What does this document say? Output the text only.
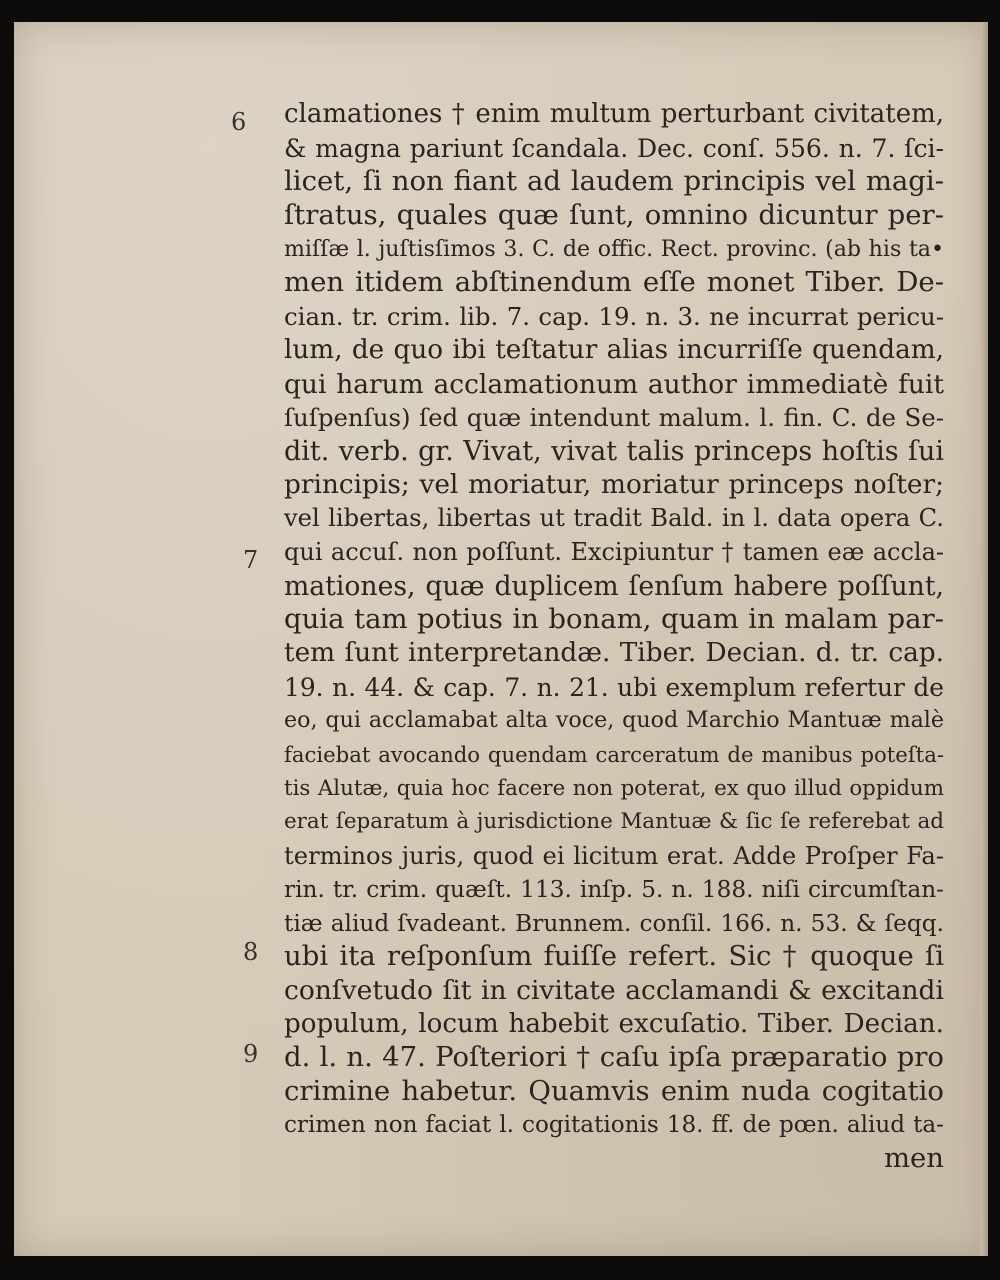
6
7
8
9
clamationes † enim multum perturbant civitatem,
& magna pariunt ſcandala. Dec. conſ. 556. n. 7. ſci-
licet, ſi non fiant ad laudem principis vel magi-
ſtratus, quales quæ ſunt, omnino dicuntur per-
miſſæ l. juſtisſimos 3. C. de offic. Rect. provinc. (ab his ta•
men itidem abſtinendum eſſe monet Tiber. De-
cian. tr. crim. lib. 7. cap. 19. n. 3. ne incurrat pericu-
lum, de quo ibi teſtatur alias incurriſſe quendam,
qui harum acclamationum author immediatè fuit
ſuſpenſus) ſed quæ intendunt malum. l. fin. C. de Se-
dit. verb. gr. Vivat, vivat talis princeps hoſtis ſui
principis; vel moriatur, moriatur princeps noſter;
vel libertas, libertas ut tradit Bald. in l. data opera C.
qui accuſ. non poſſunt. Excipiuntur † tamen eæ accla-
mationes, quæ duplicem ſenſum habere poſſunt,
quia tam potius in bonam, quam in malam par-
tem ſunt interpretandæ. Tiber. Decian. d. tr. cap.
19. n. 44. & cap. 7. n. 21. ubi exemplum refertur de
eo, qui acclamabat alta voce, quod Marchio Mantuæ malè
faciebat avocando quendam carceratum de manibus poteſta-
tis Alutæ, quia hoc facere non poterat, ex quo illud oppidum
erat ſeparatum à jurisdictione Mantuæ & ſic ſe referebat ad
terminos juris, quod ei licitum erat. Adde Proſper Fa-
rin. tr. crim. quæſt. 113. inſp. 5. n. 188. niſi circumſtan-
tiæ aliud ſvadeant. Brunnem. conſil. 166. n. 53. & ſeqq.
ubi ita reſponſum fuiſſe refert. Sic † quoque ſi
conſvetudo ſit in civitate acclamandi & excitandi
populum, locum habebit excuſatio. Tiber. Decian.
d. l. n. 47. Poſteriori † caſu ipſa præparatio pro
crimine habetur. Quamvis enim nuda cogitatio
crimen non faciat l. cogitationis 18. ff. de pœn. aliud ta-
men
